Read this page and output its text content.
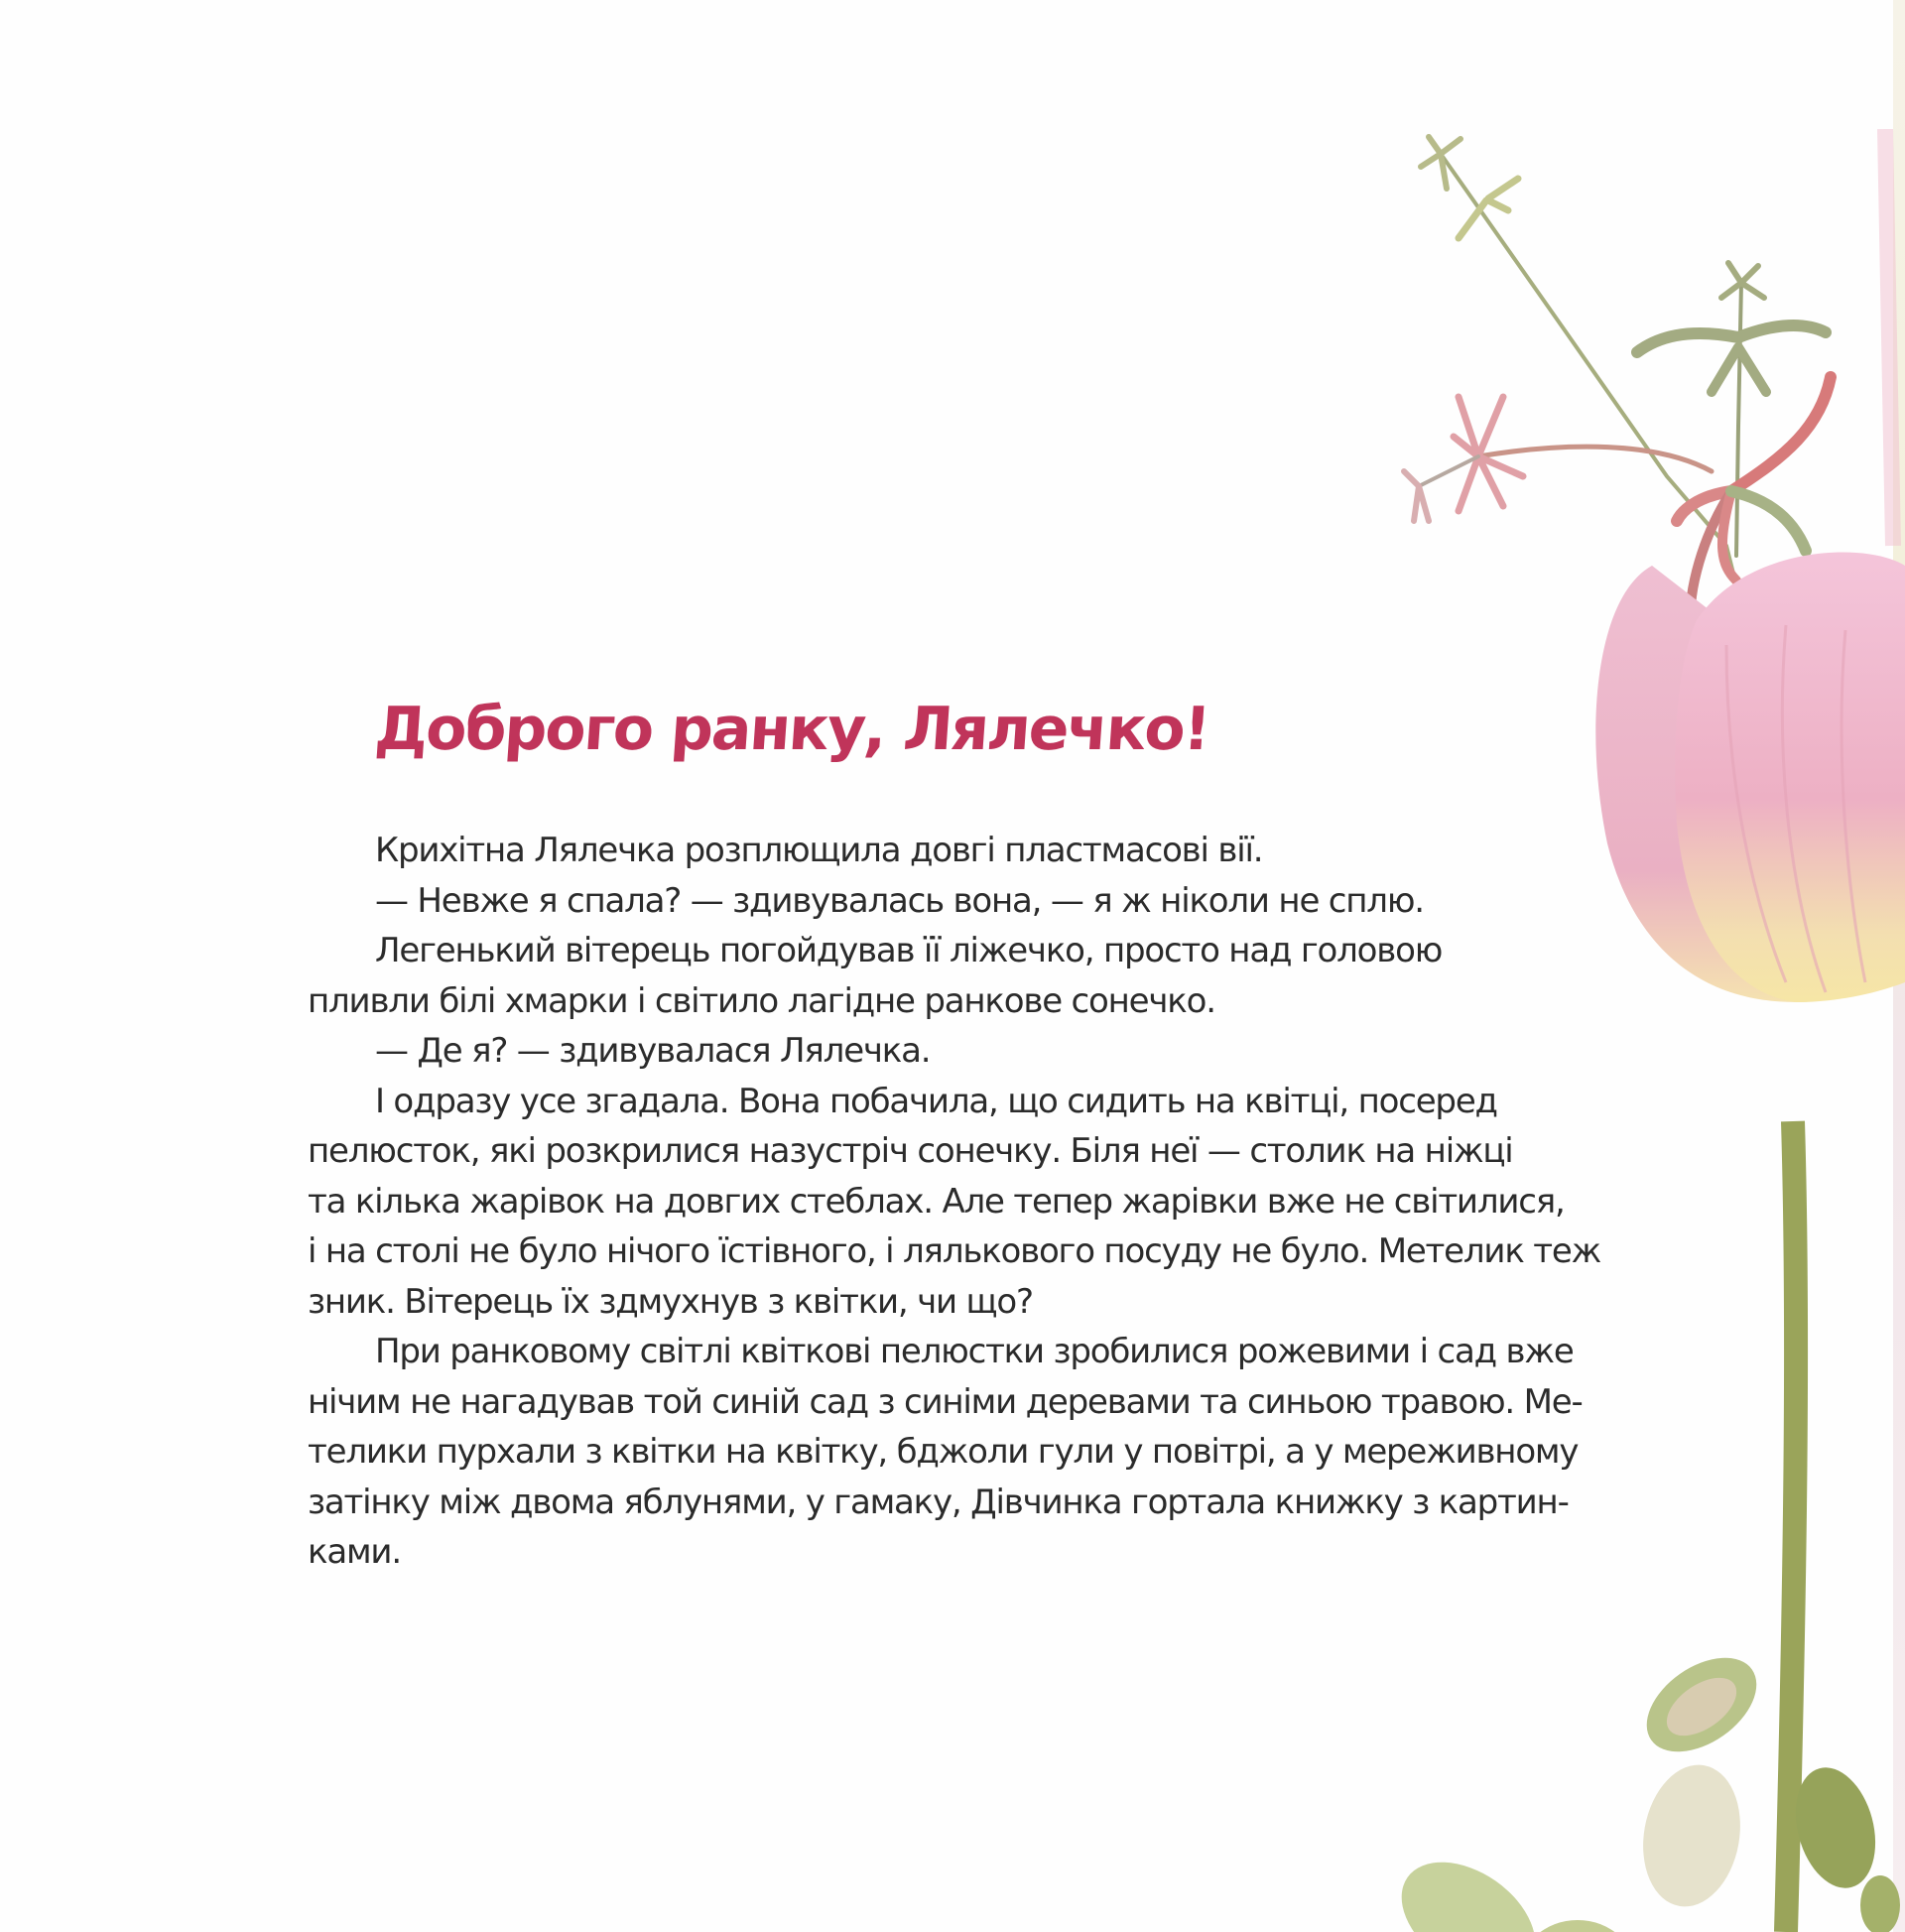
Доброго ранку, Лялечко!
Крихітна Лялечка розплющила довгі пластмасові вії.
— Невже я спала? — здивувалась вона, — я ж ніколи не сплю.
Легенький вітерець погойдував її ліжечко, просто над головою
пливли білі хмарки і світило лагідне ранкове сонечко.
— Де я? — здивувалася Лялечка.
І одразу усе згадала. Вона побачила, що сидить на квітці, посеред
пелюсток, які розкрилися назустріч сонечку. Біля неї — столик на ніжці
та кілька жарівок на довгих стеблах. Але тепер жарівки вже не світилися,
і на столі не було нічого їстівного, і лялькового посуду не було. Метелик теж
зник. Вітерець їх здмухнув з квітки, чи що?
При ранковому світлі квіткові пелюстки зробилися рожевими і сад вже
нічим не нагадував той синій сад з синіми деревами та синьою травою. Ме-
телики пурхали з квітки на квітку, бджоли гули у повітрі, а у мереживному
затінку між двома яблунями, у гамаку, Дівчинка гортала книжку з картин-
ками.
